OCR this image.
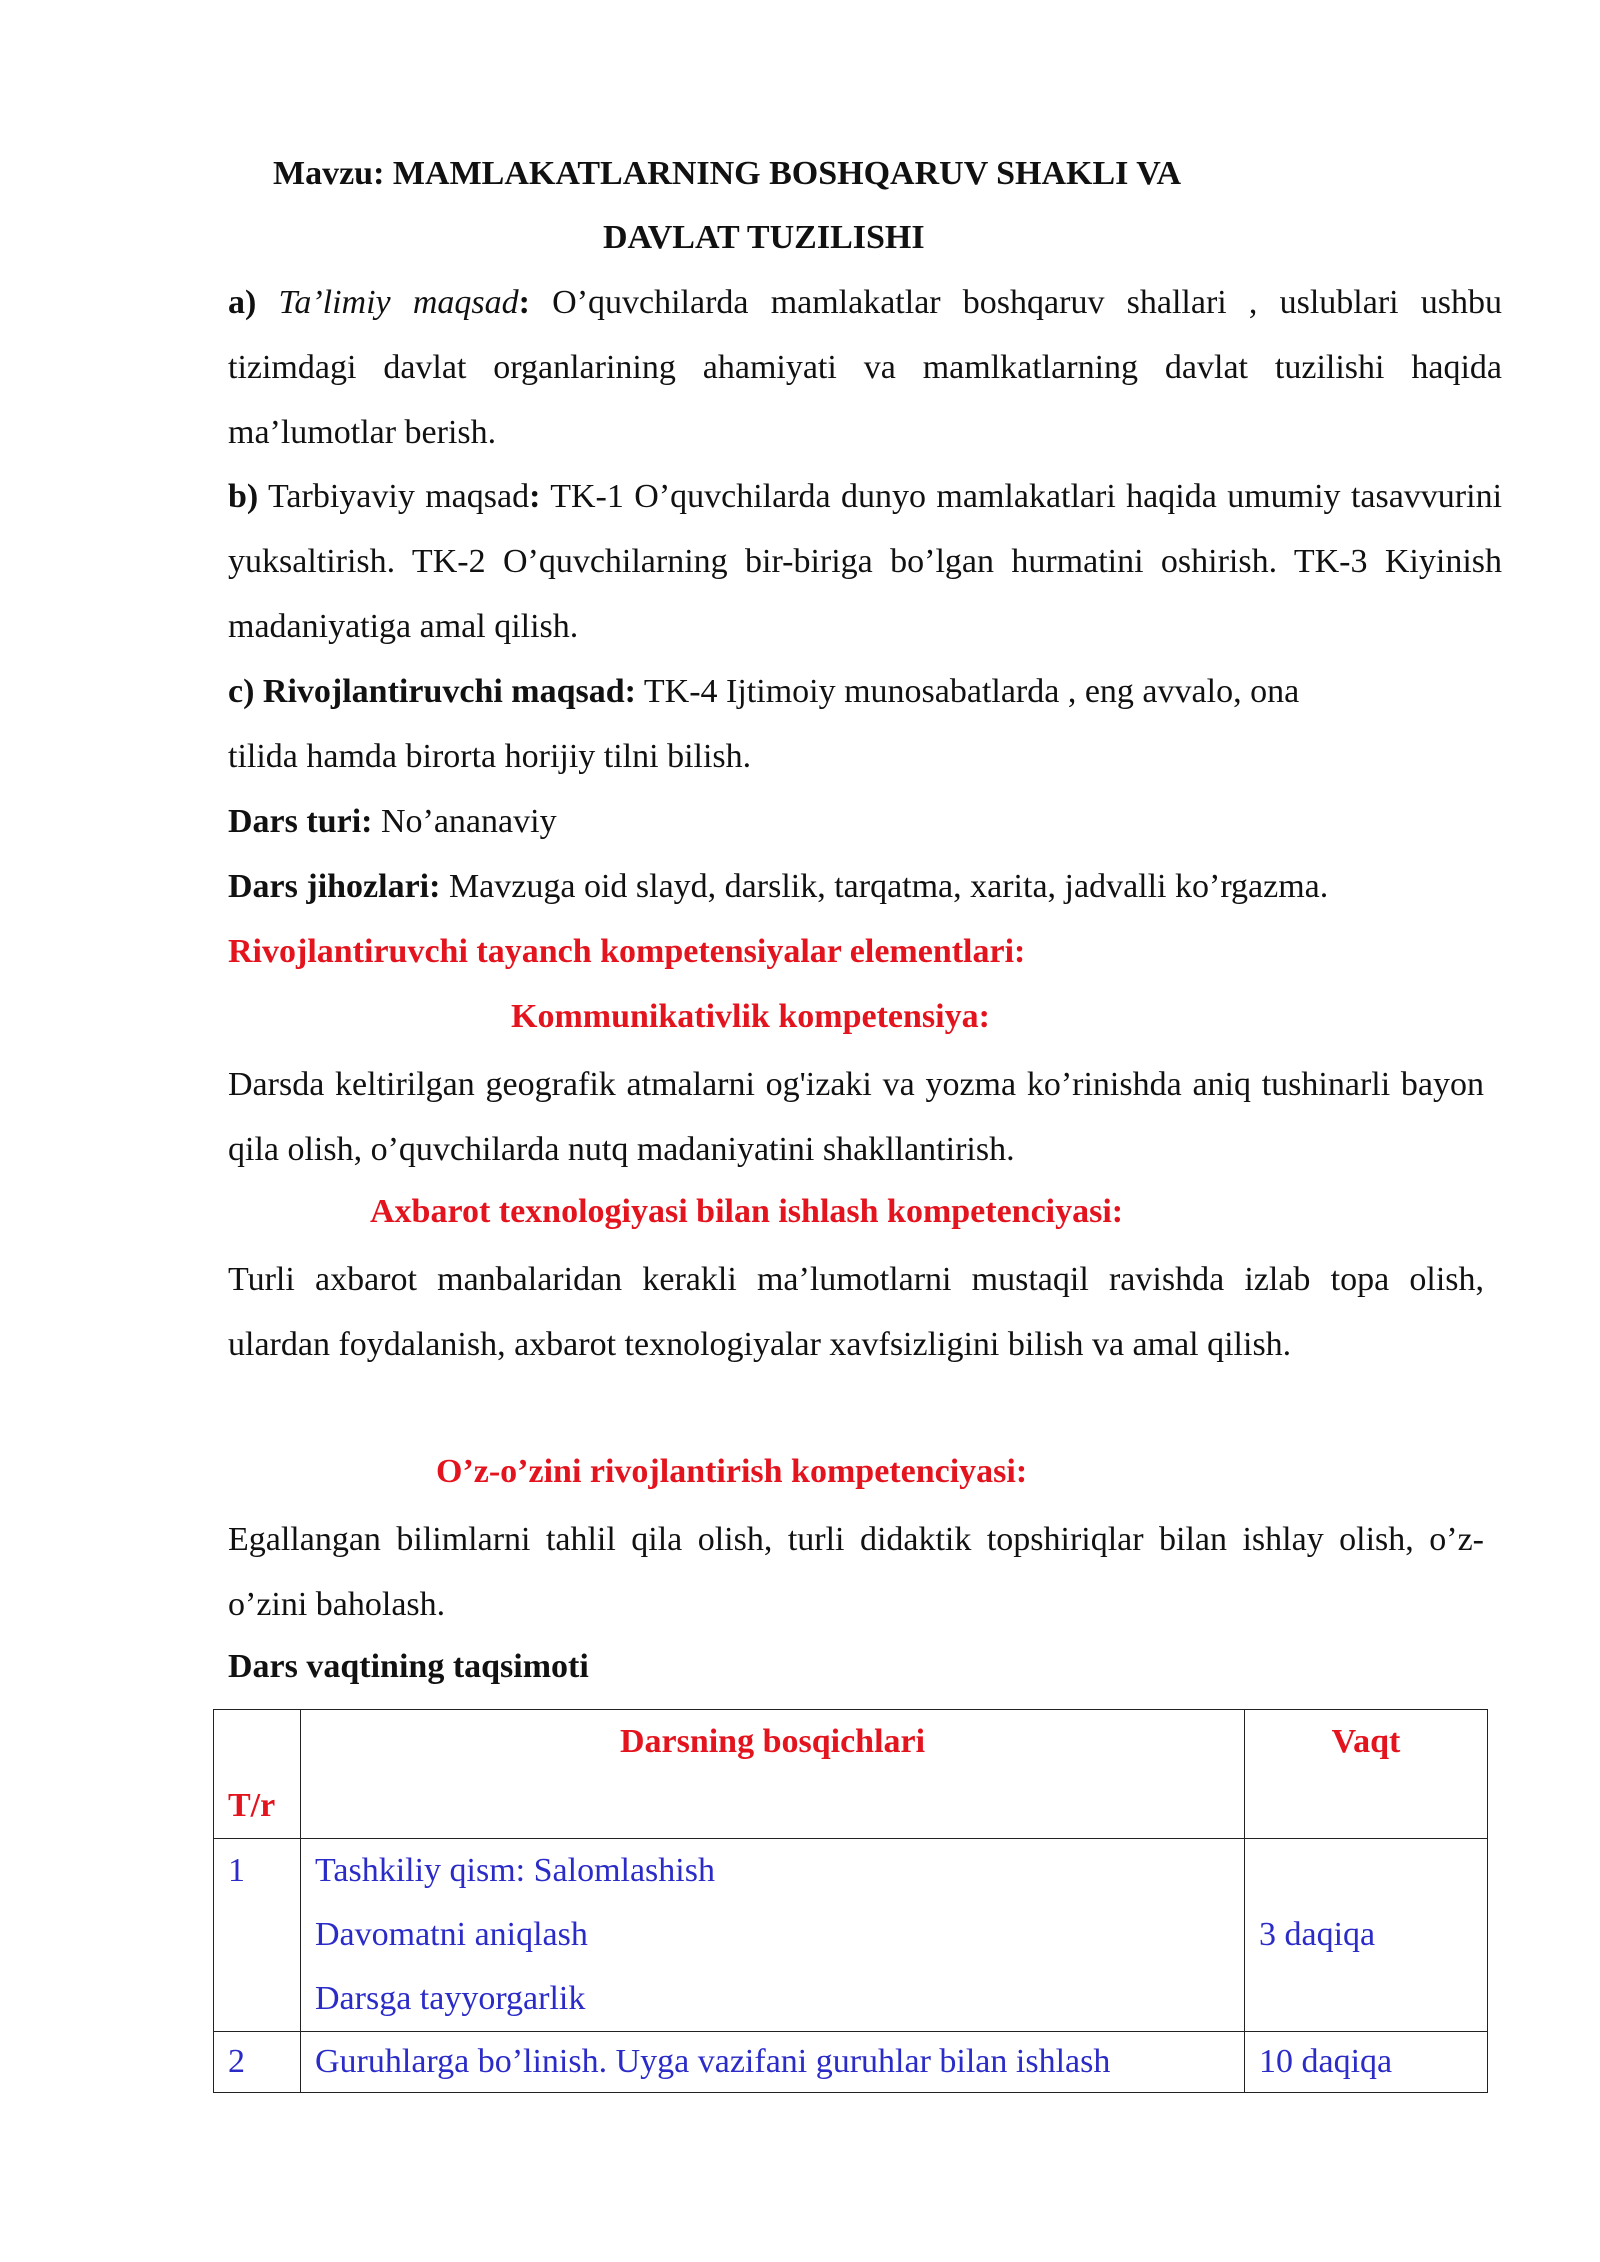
Mavzu: MAMLAKATLARNING BOSHQARUV SHAKLI VA
DAVLAT TUZILISHI
a) Ta’limiy maqsad: O’quvchilarda mamlakatlar boshqaruv shallari , uslublari ushbu tizimdagi davlat organlarining ahamiyati va mamlkatlarning davlat tuzilishi haqida ma’lumotlar berish.
b) Tarbiyaviy maqsad: TK-1 O’quvchilarda dunyo mamlakatlari haqida umumiy tasavvurini yuksaltirish. TK-2 O’quvchilarning bir-biriga bo’lgan hurmatini oshirish. TK-3 Kiyinish madaniyatiga amal qilish.
c) Rivojlantiruvchi maqsad: TK-4 Ijtimoiy munosabatlarda , eng avvalo, ona
tilida hamda birorta horijiy tilni bilish.
Dars turi: No’ananaviy
Dars jihozlari: Mavzuga oid slayd, darslik, tarqatma, xarita, jadvalli ko’rgazma.
Rivojlantiruvchi tayanch kompetensiyalar elementlari:
Kommunikativlik kompetensiya:
Darsda keltirilgan geografik atmalarni og'izaki va yozma ko’rinishda aniq tushinarli bayon qila olish, o’quvchilarda nutq madaniyatini shakllantirish.
Axbarot texnologiyasi bilan ishlash kompetenciyasi:
Turli axbarot manbalaridan kerakli ma’lumotlarni mustaqil ravishda izlab topa olish, ulardan foydalanish, axbarot texnologiyalar xavfsizligini bilish va amal qilish.
O’z-o’zini rivojlantirish kompetenciyasi:
Egallangan bilimlarni tahlil qila olish, turli didaktik topshiriqlar bilan ishlay olish, o’z-o’zini baholash.
Dars vaqtining taqsimoti
T/r	Darsning bosqichlari	Vaqt
1	Tashkiliy qism: Salomlashish
Davomatni aniqlash
Darsga tayyorgarlik	3 daqiqa
2	Guruhlarga bo’linish. Uyga vazifani guruhlar bilan ishlash	10 daqiqa
